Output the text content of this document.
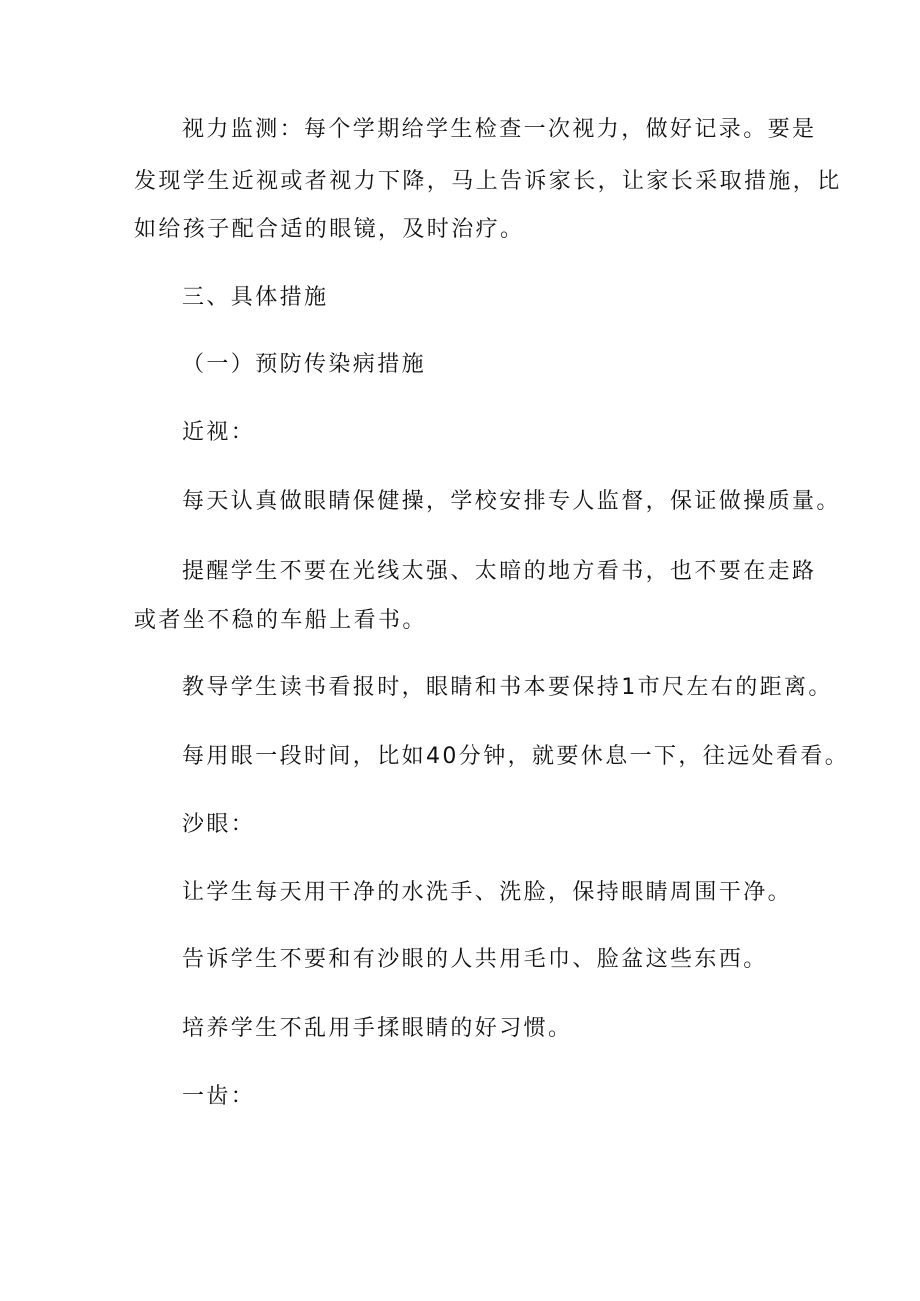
视力监测：每个学期给学生检查一次视力，做好记录。要是
发现学生近视或者视力下降，马上告诉家长，让家长采取措施，比
如给孩子配合适的眼镜，及时治疗。
三、具体措施
（一）预防传染病措施
近视：
每天认真做眼睛保健操，学校安排专人监督，保证做操质量。
提醒学生不要在光线太强、太暗的地方看书，也不要在走路
或者坐不稳的车船上看书。
教导学生读书看报时，眼睛和书本要保持1市尺左右的距离。
每用眼一段时间，比如40分钟，就要休息一下，往远处看看。
沙眼：
让学生每天用干净的水洗手、洗脸，保持眼睛周围干净。
告诉学生不要和有沙眼的人共用毛巾、脸盆这些东西。
培养学生不乱用手揉眼睛的好习惯。
一齿：
